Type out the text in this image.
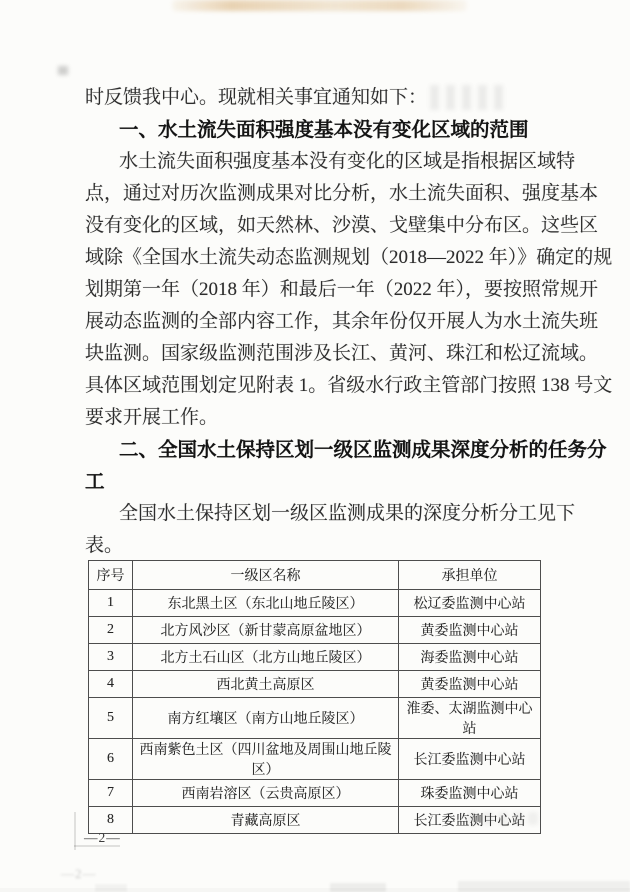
时反馈我中心。现就相关事宜通知如下：
一、水土流失面积强度基本没有变化区域的范围
水土流失面积强度基本没有变化的区域是指根据区域特
点，通过对历次监测成果对比分析，水土流失面积、强度基本
没有变化的区域，如天然林、沙漠、戈壁集中分布区。这些区
域除《全国水土流失动态监测规划（2018—2022 年）》确定的规
划期第一年（2018 年）和最后一年（2022 年），要按照常规开
展动态监测的全部内容工作，其余年份仅开展人为水土流失班
块监测。国家级监测范围涉及长江、黄河、珠江和松辽流域。
具体区域范围划定见附表 1。省级水行政主管部门按照 138 号文
要求开展工作。
二、全国水土保持区划一级区监测成果深度分析的任务分
工
全国水土保持区划一级区监测成果的深度分析分工见下
表。
序号	一级区名称	承担单位
1	东北黑土区（东北山地丘陵区）	松辽委监测中心站
2	北方风沙区（新甘蒙高原盆地区）	黄委监测中心站
3	北方土石山区（北方山地丘陵区）	海委监测中心站
4	西北黄土高原区	黄委监测中心站
5	南方红壤区（南方山地丘陵区）	淮委、太湖监测中心站
6	西南紫色土区（四川盆地及周围山地丘陵区）	长江委监测中心站
7	西南岩溶区（云贵高原区）	珠委监测中心站
8	青藏高原区	长江委监测中心站
—2—
—2—
